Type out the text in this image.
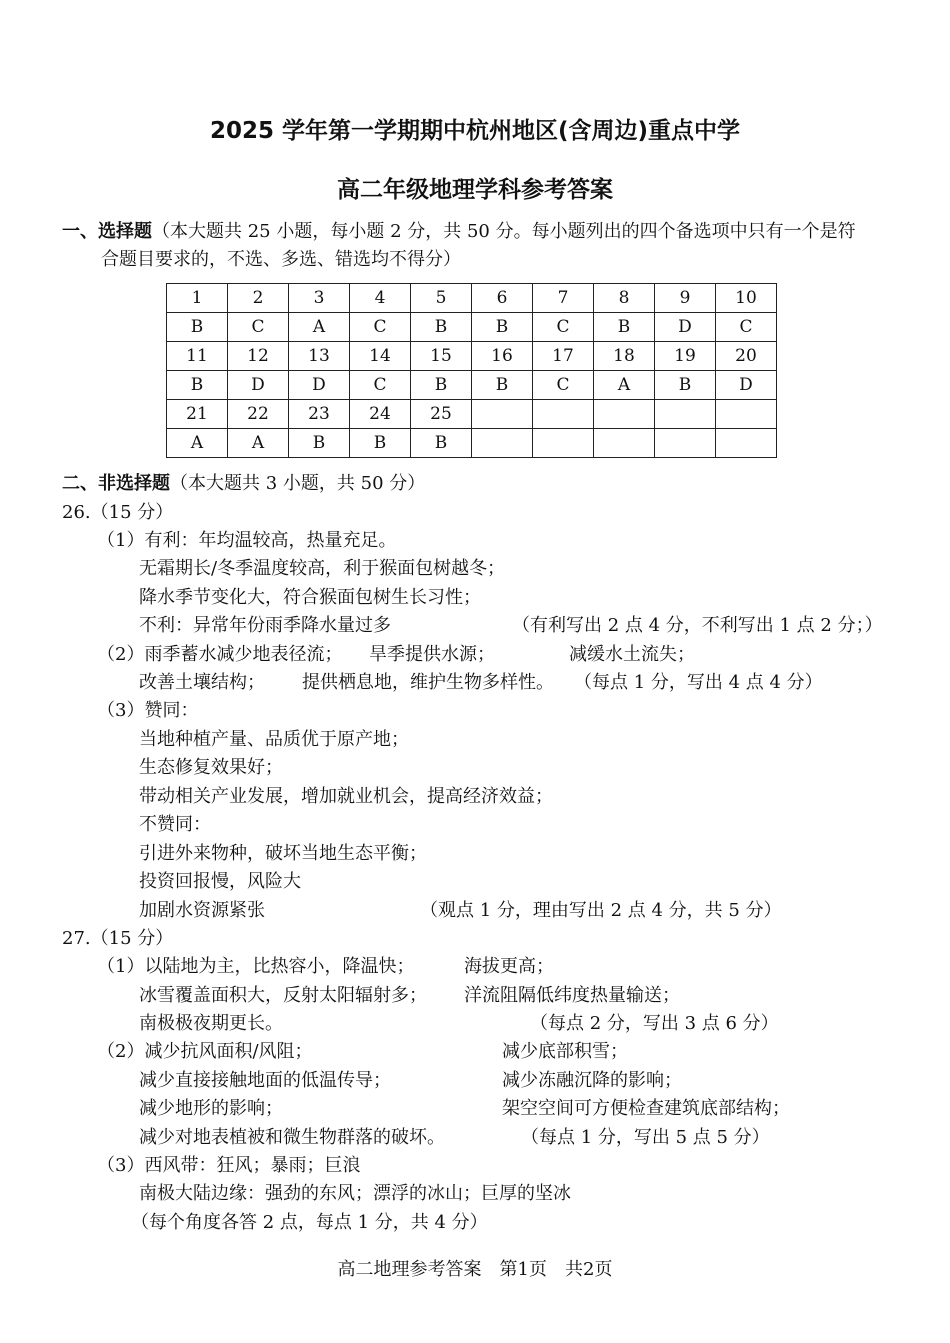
2025 学年第一学期期中杭州地区(含周边)重点中学
高二年级地理学科参考答案
一、选择题（本大题共 25 小题，每小题 2 分，共 50 分。每小题列出的四个备选项中只有一个是符
合题目要求的，不选、多选、错选均不得分）
1	2	3	4	5	6	7	8	9	10
B	C	A	C	B	B	C	B	D	C
11	12	13	14	15	16	17	18	19	20
B	D	D	C	B	B	C	A	B	D
21	22	23	24	25					
A	A	B	B	B					
二、非选择题（本大题共 3 小题，共 50 分）
26.（15 分）
（1）有利：年均温较高，热量充足。
无霜期长/冬季温度较高，利于猴面包树越冬；
降水季节变化大，符合猴面包树生长习性；
不利：异常年份雨季降水量过多	（有利写出 2 点 4 分，不利写出 1 点 2 分；）
（2）雨季蓄水减少地表径流； 旱季提供水源；	减缓水土流失；
改善土壤结构； 提供栖息地，维护生物多样性。 （每点 1 分，写出 4 点 4 分）
（3）赞同：
当地种植产量、品质优于原产地；
生态修复效果好；
带动相关产业发展，增加就业机会，提高经济效益；
不赞同：
引进外来物种，破坏当地生态平衡；
投资回报慢，风险大
加剧水资源紧张	（观点 1 分，理由写出 2 点 4 分，共 5 分）
27.（15 分）
（1）以陆地为主，比热容小，降温快；	海拔更高；
冰雪覆盖面积大，反射太阳辐射多； 洋流阻隔低纬度热量输送；
南极极夜期更长。	（每点 2 分，写出 3 点 6 分）
（2）减少抗风面积/风阻；	减少底部积雪；
减少直接接触地面的低温传导；	减少冻融沉降的影响；
减少地形的影响；	架空空间可方便检查建筑底部结构；
减少对地表植被和微生物群落的破坏。	（每点 1 分，写出 5 点 5 分）
（3）西风带：狂风；暴雨；巨浪
南极大陆边缘：强劲的东风；漂浮的冰山；巨厚的坚冰
（每个角度各答 2 点，每点 1 分，共 4 分）
高二地理参考答案　第1页　共2页
